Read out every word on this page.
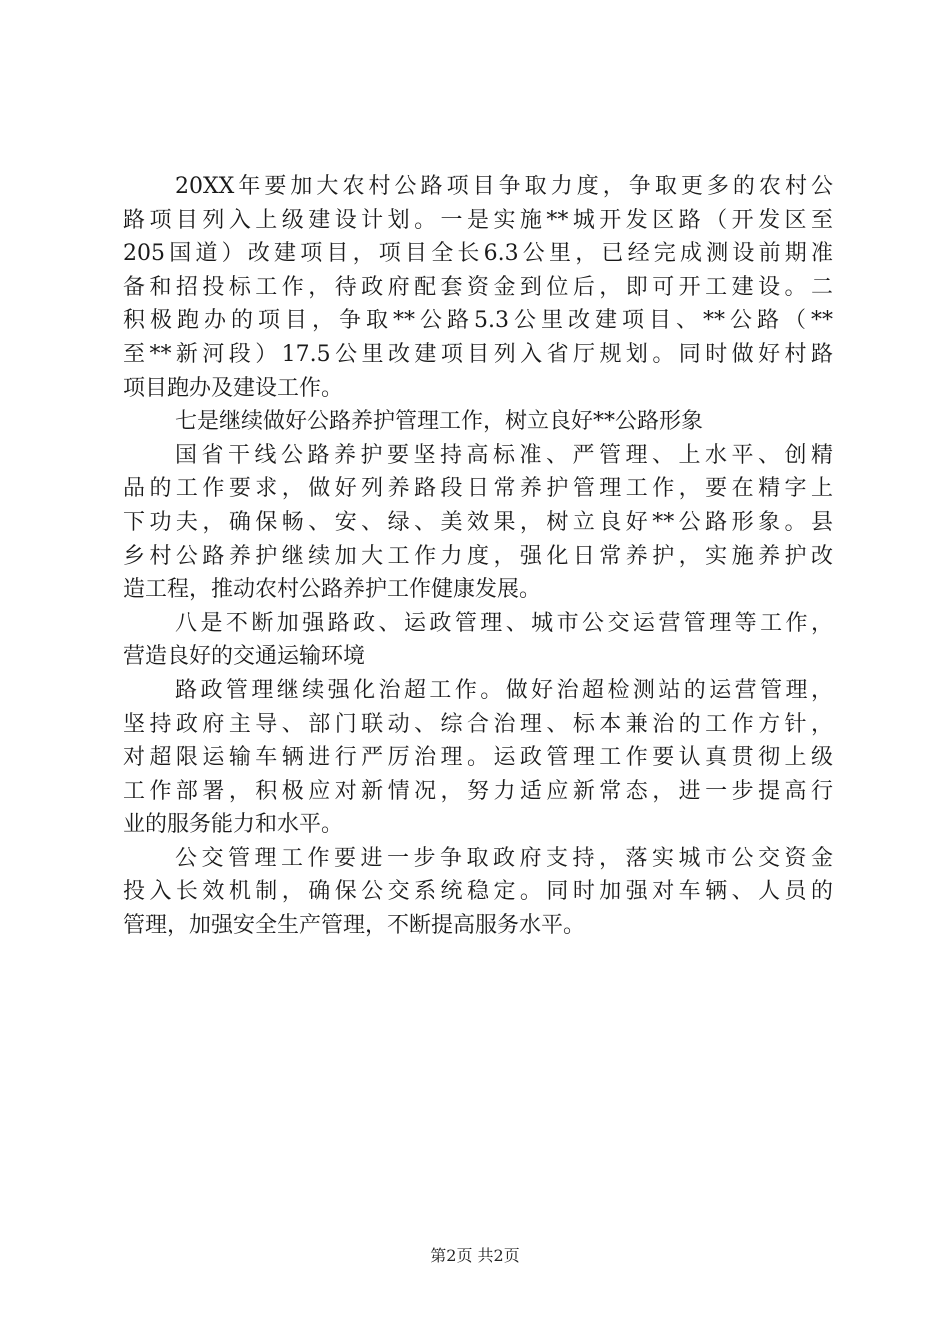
20XX年要加大农村公路项目争取力度，争取更多的农村公
路项目列入上级建设计划。一是实施**城开发区路（开发区至
205国道）改建项目，项目全长6.3公里，已经完成测设前期准
备和招投标工作，待政府配套资金到位后，即可开工建设。二
积极跑办的项目，争取**公路5.3公里改建项目、**公路（**
至**新河段）17.5公里改建项目列入省厅规划。同时做好村路
项目跑办及建设工作。
七是继续做好公路养护管理工作，树立良好**公路形象
国省干线公路养护要坚持高标准、严管理、上水平、创精
品的工作要求，做好列养路段日常养护管理工作，要在精字上
下功夫，确保畅、安、绿、美效果，树立良好**公路形象。县
乡村公路养护继续加大工作力度，强化日常养护，实施养护改
造工程，推动农村公路养护工作健康发展。
八是不断加强路政、运政管理、城市公交运营管理等工作，
营造良好的交通运输环境
路政管理继续强化治超工作。做好治超检测站的运营管理，
坚持政府主导、部门联动、综合治理、标本兼治的工作方针，
对超限运输车辆进行严厉治理。运政管理工作要认真贯彻上级
工作部署，积极应对新情况，努力适应新常态，进一步提高行
业的服务能力和水平。
公交管理工作要进一步争取政府支持，落实城市公交资金
投入长效机制，确保公交系统稳定。同时加强对车辆、人员的
管理，加强安全生产管理，不断提高服务水平。
第2页 共2页
